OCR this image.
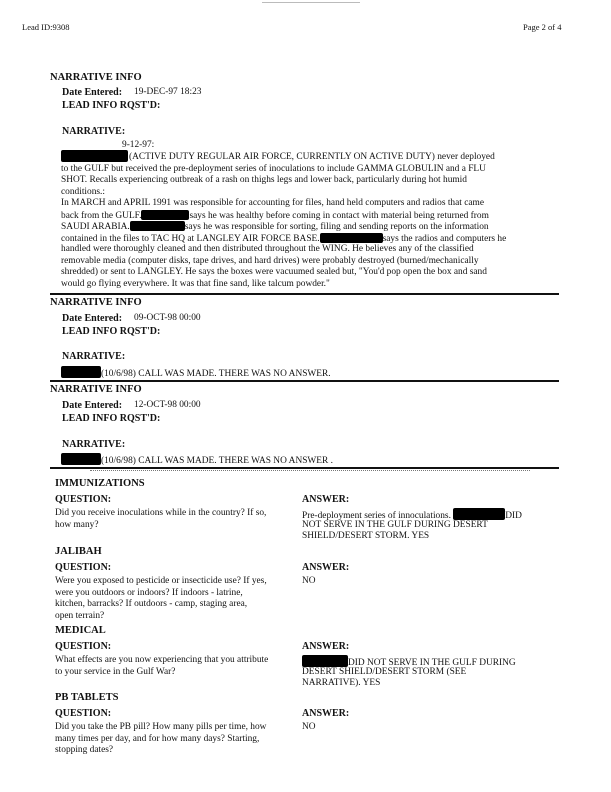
Lead ID:9308	Page 2 of 4
NARRATIVE INFO
Date Entered: 19-DEC-97 18:23
LEAD INFO RQST'D:
NARRATIVE:
9-12-97:
(ACTIVE DUTY REGULAR AIR FORCE, CURRENTLY ON ACTIVE DUTY) never deployed
to the GULF but received the pre-deployment series of inoculations to include GAMMA GLOBULIN and a FLU
SHOT. Recalls experiencing outbreak of a rash on thighs legs and lower back, particularly during hot humid
conditions.:
In MARCH and APRIL 1991 was responsible for accounting for files, hand held computers and radios that came
back from the GULF.	says he was healthy before coming in contact with material being returned from
SAUDI ARABIA.	says he was responsible for sorting, filing and sending reports on the information
contained in the files to TAC HQ at LANGLEY AIR FORCE BASE.	says the radios and computers he
handled were thoroughly cleaned and then distributed throughout the WING. He believes any of the classified
removable media (computer disks, tape drives, and hard drives) were probably destroyed (burned/mechanically
shredded) or sent to LANGLEY. He says the boxes were vacuumed sealed but, "You'd pop open the box and sand
would go flying everywhere. It was that fine sand, like talcum powder."
NARRATIVE INFO
Date Entered: 09-OCT-98 00:00
LEAD INFO RQST'D:
NARRATIVE:
(10/6/98) CALL WAS MADE. THERE WAS NO ANSWER.
NARRATIVE INFO
Date Entered: 12-OCT-98 00:00
LEAD INFO RQST'D:
NARRATIVE:
(10/6/98) CALL WAS MADE. THERE WAS NO ANSWER .
IMMUNIZATIONS
QUESTION:	ANSWER:
Did you receive inoculations while in the country? If so,
how many?
Pre-deployment series of innoculations.	DID
NOT SERVE IN THE GULF DURING DESERT
SHIELD/DESERT STORM. YES
JALIBAH
QUESTION:	ANSWER:
Were you exposed to pesticide or insecticide use? If yes,
were you outdoors or indoors? If indoors - latrine,
kitchen, barracks? If outdoors - camp, staging area,
open terrain?
NO
MEDICAL
QUESTION:	ANSWER:
What effects are you now experiencing that you attribute
to your service in the Gulf War?
DID NOT SERVE IN THE GULF DURING
DESERT SHIELD/DESERT STORM (SEE
NARRATIVE). YES
PB TABLETS
QUESTION:	ANSWER:
Did you take the PB pill? How many pills per time, how
many times per day, and for how many days? Starting,
stopping dates?
NO
